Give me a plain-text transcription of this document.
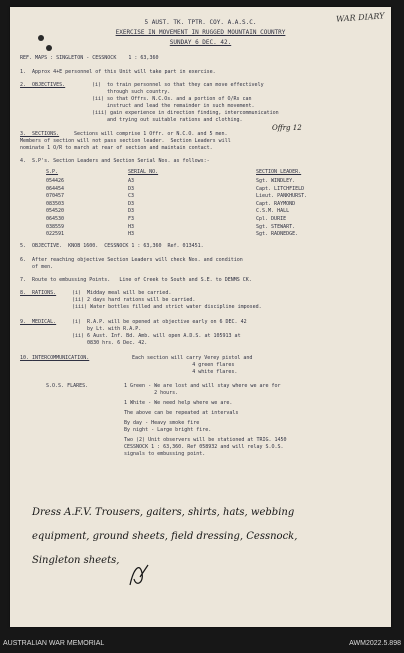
WAR DIARY
5 AUST. TK. TPTR. COY. A.A.S.C.
EXERCISE IN MOVEMENT IN RUGGED MOUNTAIN COUNTRY
SUNDAY 6 DEC. 42.
REF. MAPS : SINGLETON - CESSNOCK    1 : 63,360
1.  Approx 4+E personnel of this Unit will take part in exercise.
2.  OBJECTIVES.	(i)  to train personnel so that they can move effectively
through such country.
(ii) so that Offrs. N.C.Os. and a portion of O/Rs can
instruct and lead the remainder in such movement.
(iii) gain experience in direction finding, intercommunication
and trying out suitable rations and clothing.
3.  SECTIONS.
Offrg 12
Sections will comprise 1 Offr. or N.C.O. and 5 men.
Members of section will not pass section leader.  Section Leaders will
nominate 1 O/R to march at rear of section and maintain contact.
4.  S.P's. Section Leaders and Section Serial Nos. as follows:-
S.P.	SERIAL NO.	SECTION LEADER.
054426	A3	Sgt. WINDLEY.
064454	D3	Capt. LITCHFIELD
070457	C3	Lieut. PANKHURST.
083503	D3	Capt. RAYMOND
054520	D3	C.S.M. HALL
064530	F3	Cpl. DURIE
038559	H3	Sgt. STEWART.
022591	H3	Sgt. RADNEDGE.
5.  OBJECTIVE.  KNOB 1600.  CESSNOCK 1 : 63,360  Ref. 013451.
6.  After reaching objective Section Leaders will check Nos. and condition
of men.
7.  Route to embussing Points.   Line of Creek to South and S.E. to DENMS CK.
8.  RATIONS.	(i)  Midday meal will be carried.
(ii) 2 days hard rations will be carried.
(iii) Water bottles filled and strict water discipline imposed.
9.  MEDICAL.	(i)  R.A.P. will be opened at objective early on 6 DEC. 42
by Lt. with R.A.P.
(ii) 6 Aust. Inf. Bd. Amb. will open A.D.S. at 105913 at
0830 hrs. 6 Dec. 42.
10. INTERCOMMUNICATION.	Each section will carry Verey pistol and
4 green flares
4 white flares.
S.O.S. FLARES.	1 Green - We are lost and will stay where we are for
2 hours.
1 White - We need help where we are.
The above can be repeated at intervals
By day - Heavy smoke fire
By night - Large bright fire.
Two (2) Unit observers will be stationed at TRIG. 1450
CESSNOCK 1 : 63,360. Ref 058932 and will relay S.O.S.
signals to embussing point.
Dress A.F.V. Trousers, gaiters, shirts, hats, webbing
equipment, ground sheets, field dressing, Cessnock,
Singleton sheets,
AUSTRALIAN WAR MEMORIAL	AWM2022.5.898
